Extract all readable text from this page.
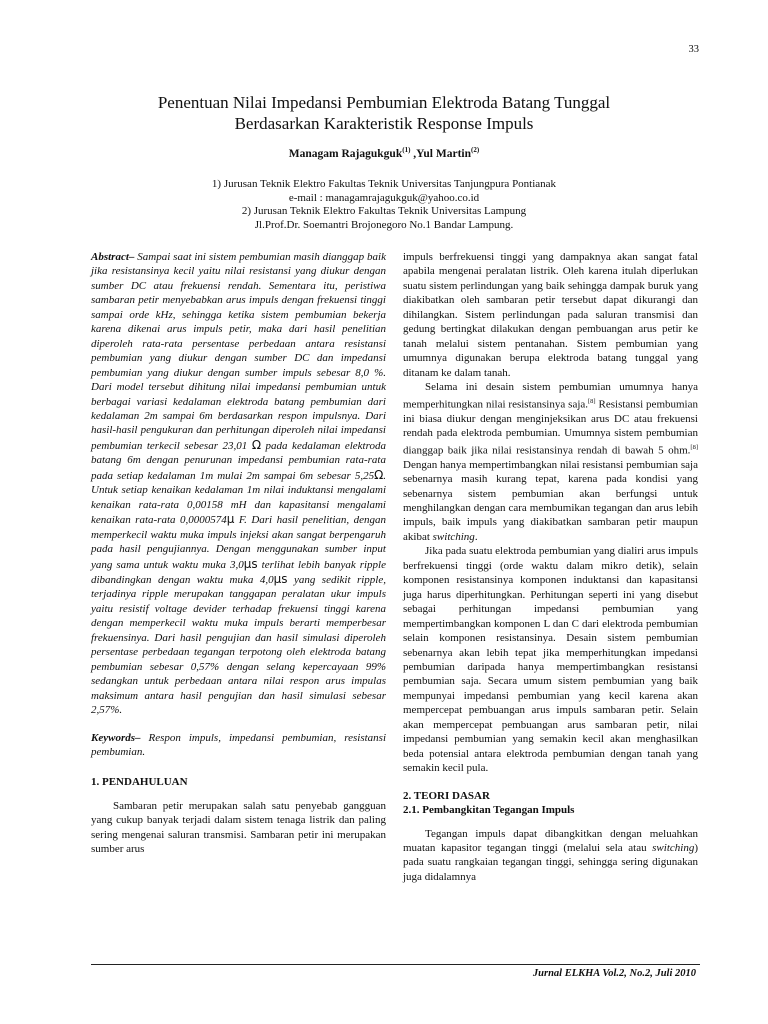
33
Penentuan Nilai Impedansi Pembumian Elektroda Batang Tunggal
Berdasarkan Karakteristik Response Impuls
Managam Rajagukguk$^{(1)}$ ,Yul Martin$^{(2)}$
1) Jurusan Teknik Elektro Fakultas Teknik Universitas Tanjungpura Pontianak
e-mail : managamrajagukguk@yahoo.co.id
2) Jurusan Teknik Elektro Fakultas Teknik Universitas Lampung
Jl.Prof.Dr. Soemantri Brojonegoro No.1 Bandar Lampung.

Abstract– Sampai saat ini sistem pembumian masih dianggap baik jika resistansinya kecil yaitu nilai resistansi yang diukur dengan sumber DC atau frekuensi rendah. Sementara itu, peristiwa sambaran petir menyebabkan arus impuls dengan frekuensi tinggi sampai orde kHz, sehingga ketika sistem pembumian bekerja karena dikenai arus impuls petir, maka dari hasil penelitian diperoleh rata-rata persentase perbedaan antara resistansi pembumian yang diukur dengan sumber DC dan impedansi pembumian yang diukur dengan sumber impuls sebesar 8,0 %. Dari model tersebut dihitung nilai impedansi pembumian untuk berbagai variasi kedalaman elektroda batang pembumian dari kedalaman 2m sampai 6m berdasarkan respon impulsnya. Dari hasil-hasil pengukuran dan perhitungan diperoleh nilai impedansi pembumian terkecil sebesar 23,01 Ω pada kedalaman elektroda batang 6m dengan penurunan impedansi pembumian rata-rata pada setiap kedalaman 1m mulai 2m sampai 6m sebesar 5,25Ω. Untuk setiap kenaikan kedalaman 1m nilai induktansi mengalami kenaikan rata-rata 0,00158 mH dan kapasitansi mengalami kenaikan rata-rata 0,0000574μ F. Dari hasil penelitian, dengan memperkecil waktu muka impuls injeksi akan sangat berpengaruh pada hasil pengujiannya. Dengan menggunakan sumber input yang sama untuk waktu muka 3,0μs terlihat lebih banyak ripple dibandingkan dengan waktu muka 4,0μs yang sedikit ripple, terjadinya ripple merupakan tanggapan peralatan ukur impuls yaitu resistif voltage devider terhadap frekuensi tinggi karena dengan memperkecil waktu muka impuls berarti memperbesar frekuensinya. Dari hasil pengujian dan hasil simulasi diperoleh persentase perbedaan tegangan terpotong oleh elektroda batang pembumian sebesar 0,57% dengan selang kepercayaan 99% sedangkan untuk perbedaan antara nilai respon arus impulas maksimum antara hasil pengujian dan hasil simulasi sebesar 2,57%.

Keywords– Respon impuls, impedansi pembumian, resistansi pembumian.

1. PENDAHULUAN

Sambaran petir merupakan salah satu penyebab gangguan yang cukup banyak terjadi dalam sistem tenaga listrik dan paling sering mengenai saluran transmisi. Sambaran petir ini merupakan sumber arus

impuls berfrekuensi tinggi yang dampaknya akan sangat fatal apabila mengenai peralatan listrik. Oleh karena itulah diperlukan suatu sistem perlindungan yang baik sehingga dampak buruk yang diakibatkan oleh sambaran petir tersebut dapat dikurangi dan dihilangkan. Sistem perlindungan pada saluran transmisi dan gedung bertingkat dilakukan dengan pembuangan arus petir ke tanah melalui sistem pentanahan. Sistem pembumian yang umumnya digunakan berupa elektroda batang tunggal yang ditanam ke dalam tanah.

Selama ini desain sistem pembumian umumnya hanya memperhitungkan nilai resistansinya saja.[8] Resistansi pembumian ini biasa diukur dengan menginjeksikan arus DC atau frekuensi rendah pada elektroda pembumian. Umumnya sistem pembumian dianggap baik jika nilai resistansinya rendah di bawah 5 ohm.[8] Dengan hanya mempertimbangkan nilai resistansi pembumian saja sebenarnya masih kurang tepat, karena pada kondisi yang sebenarnya sistem pembumian akan berfungsi untuk menghilangkan dengan cara membumikan tegangan dan arus lebih impuls, baik impuls yang diakibatkan sambaran petir maupun akibat switching.

Jika pada suatu elektroda pembumian yang dialiri arus impuls berfrekuensi tinggi (orde waktu dalam mikro detik), selain komponen resistansinya komponen induktansi dan kapasitansi juga harus diperhitungkan. Perhitungan seperti ini yang disebut sebagai perhitungan impedansi pembumian yang mempertimbangkan komponen L dan C dari elektroda pembumian selain komponen resistansinya. Desain sistem pembumian sebenarnya akan lebih tepat jika memperhitungkan impedansi pembumian daripada hanya mempertimbangkan resistansi pembumian saja. Secara umum sistem pembumian yang baik mempunyai impedansi pembumian yang kecil karena akan mempercepat pembuangan arus impuls sambaran petir. Selain akan mempercepat pembuangan arus sambaran petir, nilai impedansi pembumian yang semakin kecil akan menghasilkan beda potensial antara elektroda pembumian dengan tanah yang semakin kecil pula.

2. TEORI DASAR

2.1. Pembangkitan Tegangan Impuls

Tegangan impuls dapat dibangkitkan dengan meluahkan muatan kapasitor tegangan tinggi (melalui sela atau switching) pada suatu rangkaian tegangan tinggi, sehingga sering digunakan juga didalamnya

Jurnal ELKHA Vol.2, No.2, Juli 2010
